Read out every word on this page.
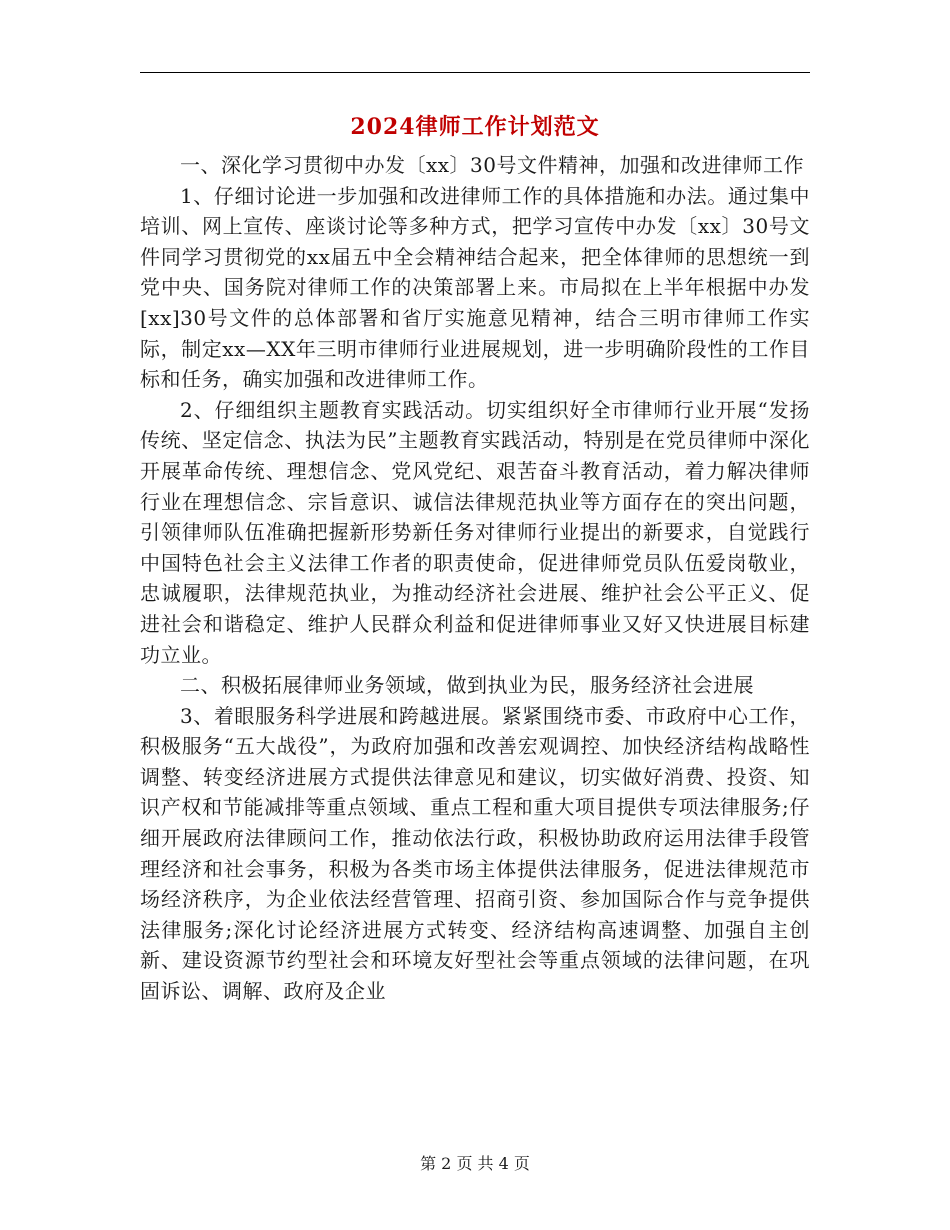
2024律师工作计划范文

一、深化学习贯彻中办发〔xx〕30号文件精神，加强和改进律师工作

1、仔细讨论进一步加强和改进律师工作的具体措施和办法。通过集中培训、网上宣传、座谈讨论等多种方式，把学习宣传中办发〔xx〕30号文件同学习贯彻党的xx届五中全会精神结合起来，把全体律师的思想统一到党中央、国务院对律师工作的决策部署上来。市局拟在上半年根据中办发[xx]30号文件的总体部署和省厅实施意见精神，结合三明市律师工作实际，制定xx—XX年三明市律师行业进展规划，进一步明确阶段性的工作目标和任务，确实加强和改进律师工作。

2、仔细组织主题教育实践活动。切实组织好全市律师行业开展“发扬传统、坚定信念、执法为民”主题教育实践活动，特别是在党员律师中深化开展革命传统、理想信念、党风党纪、艰苦奋斗教育活动，着力解决律师行业在理想信念、宗旨意识、诚信法律规范执业等方面存在的突出问题，引领律师队伍准确把握新形势新任务对律师行业提出的新要求，自觉践行中国特色社会主义法律工作者的职责使命，促进律师党员队伍爱岗敬业，忠诚履职，法律规范执业，为推动经济社会进展、维护社会公平正义、促进社会和谐稳定、维护人民群众利益和促进律师事业又好又快进展目标建功立业。

二、积极拓展律师业务领域，做到执业为民，服务经济社会进展

3、着眼服务科学进展和跨越进展。紧紧围绕市委、市政府中心工作，积极服务“五大战役”，为政府加强和改善宏观调控、加快经济结构战略性调整、转变经济进展方式提供法律意见和建议，切实做好消费、投资、知识产权和节能减排等重点领域、重点工程和重大项目提供专项法律服务;仔细开展政府法律顾问工作，推动依法行政，积极协助政府运用法律手段管理经济和社会事务，积极为各类市场主体提供法律服务，促进法律规范市场经济秩序，为企业依法经营管理、招商引资、参加国际合作与竞争提供法律服务;深化讨论经济进展方式转变、经济结构高速调整、加强自主创新、建设资源节约型社会和环境友好型社会等重点领域的法律问题，在巩固诉讼、调解、政府及企业

第 2 页 共 4 页
